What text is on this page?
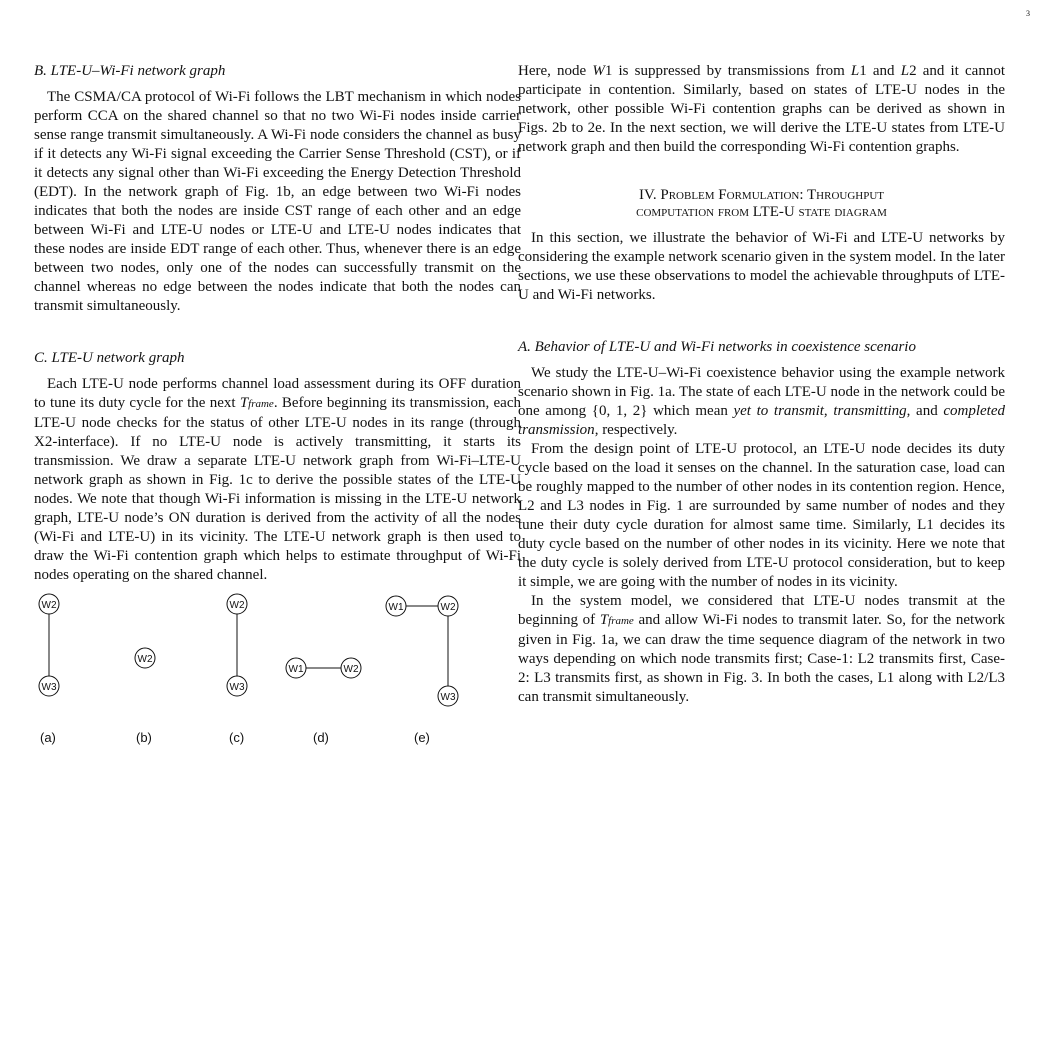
3
B. LTE-U–Wi-Fi network graph

The CSMA/CA protocol of Wi-Fi follows the LBT mechanism in which nodes perform CCA on the shared channel so that no two Wi-Fi nodes inside carrier sense range transmit simultaneously. A Wi-Fi node considers the channel as busy if it detects any Wi-Fi signal exceeding the Carrier Sense Threshold (CST), or if it detects any signal other than Wi-Fi exceeding the Energy Detection Threshold (EDT). In the network graph of Fig. 1b, an edge between two Wi-Fi nodes indicates that both the nodes are inside CST range of each other and an edge between Wi-Fi and LTE-U nodes or LTE-U and LTE-U nodes indicates that these nodes are inside EDT range of each other. Thus, whenever there is an edge between two nodes, only one of the nodes can successfully transmit on the channel whereas no edge between the nodes indicate that both the nodes can transmit simultaneously.

C. LTE-U network graph

Each LTE-U node performs channel load assessment during its OFF duration to tune its duty cycle for the next Tframe. Before beginning its transmission, each LTE-U node checks for the status of other LTE-U nodes in its range (through X2-interface). If no LTE-U node is actively transmitting, it starts its transmission. We draw a separate LTE-U network graph from Wi-Fi–LTE-U network graph as shown in Fig. 1c to derive the possible states of the LTE-U nodes. We note that though Wi-Fi information is missing in the LTE-U network graph, LTE-U node’s ON duration is derived from the activity of all the nodes (Wi-Fi and LTE-U) in its vicinity. The LTE-U network graph is then used to draw the Wi-Fi contention graph which helps to estimate throughput of Wi-Fi nodes operating on the shared channel.

W2
W3
W2
W2
W3
W1	W2
W1	W2
W3
(a)	(b)	(c)	(d)	(e)

Here, node W1 is suppressed by transmissions from L1 and L2 and it cannot participate in contention. Similarly, based on states of LTE-U nodes in the network, other possible Wi-Fi contention graphs can be derived as shown in Figs. 2b to 2e. In the next section, we will derive the LTE-U states from LTE-U network graph and then build the corresponding Wi-Fi contention graphs.

IV. Problem Formulation: Throughput
computation from LTE-U state diagram

In this section, we illustrate the behavior of Wi-Fi and LTE-U networks by considering the example network scenario given in the system model. In the later sections, we use these observations to model the achievable throughputs of LTE-U and Wi-Fi networks.

A. Behavior of LTE-U and Wi-Fi networks in coexistence scenario

We study the LTE-U–Wi-Fi coexistence behavior using the example network scenario shown in Fig. 1a. The state of each LTE-U node in the network could be one among {0, 1, 2} which mean yet to transmit, transmitting, and completed transmission, respectively.

From the design point of LTE-U protocol, an LTE-U node decides its duty cycle based on the load it senses on the channel. In the saturation case, load can be roughly mapped to the number of other nodes in its contention region. Hence, L2 and L3 nodes in Fig. 1 are surrounded by same number of nodes and they tune their duty cycle duration for almost same time. Similarly, L1 decides its duty cycle based on the number of other nodes in its vicinity. Here we note that the duty cycle is solely derived from LTE-U protocol consideration, but to keep it simple, we are going with the number of nodes in its vicinity.

In the system model, we considered that LTE-U nodes transmit at the beginning of Tframe and allow Wi-Fi nodes to transmit later. So, for the network given in Fig. 1a, we can draw the time sequence diagram of the network in two ways depending on which node transmits first; Case-1: L2 transmits first, Case-2: L3 transmits first, as shown in Fig. 3. In both the cases, L1 along with L2/L3 can transmit simultaneously.
